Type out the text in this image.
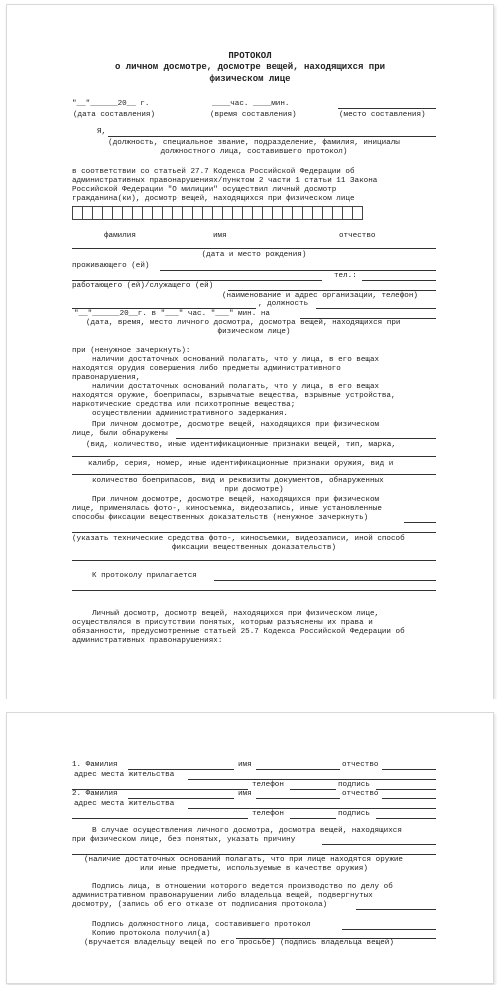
ПРОТОКОЛ
о личном досмотре, досмотре вещей, находящихся при
физическом лице
"__"______20__ г.	____час. ____мин.
(дата составления)	(время составления)	(место составления)
Я,
(должность, специальное звание, подразделение, фамилия, инициалы
должностного лица, составившего протокол)
в соответствии со статьей 27.7 Кодекса Российской Федерации об
административных правонарушениях/пунктом 2 части 1 статьи 11 Закона
Российской Федерации "О милиции" осуществил личный досмотр
гражданина(ки), досмотр вещей, находящихся при физическом лице
фамилия	имя	отчество
(дата и место рождения)
проживающего (ей)
тел.:
работающего (ей)/служащего (ей)
(наименование и адрес организации, телефон)
, должность
"__"______20__г. в "___" час. "___" мин. на
(дата, время, место личного досмотра, досмотра вещей, находящихся при
физическом лице)
при (ненужное зачеркнуть):
наличии достаточных оснований полагать, что у лица, в его вещах
находятся орудия совершения либо предметы административного
правонарушения,
наличии достаточных оснований полагать, что у лица, в его вещах
находятся оружие, боеприпасы, взрывчатые вещества, взрывные устройства,
наркотические средства или психотропные вещества;
осуществлении административного задержания.
При личном досмотре, досмотре вещей, находящихся при физическом
лице, были обнаружены
(вид, количество, иные идентификационные признаки вещей, тип, марка,
калибр, серия, номер, иные идентификационные признаки оружия, вид и
количество боеприпасов, вид и реквизиты документов, обнаруженных
при досмотре)
При личном досмотре, досмотре вещей, находящихся при физическом
лице, применялась фото-, киносъемка, видеозапись, иные установленные
способы фиксации вещественных доказательств (ненужное зачеркнуть)
(указать технические средства фото-, киносъемки, видеозаписи, иной способ
фиксации вещественных доказательств)
К протоколу прилагается
Личный досмотр, досмотр вещей, находящихся при физическом лице,
осуществлялся в присутствии понятых, которым разъяснены их права и
обязанности, предусмотренные статьей 25.7 Кодекса Российской Федерации об
административных правонарушениях:
1. Фамилия	имя	отчество
адрес места жительства
телефон	подпись
2. Фамилия	имя	отчество
адрес места жительства
телефон	подпись
В случае осуществления личного досмотра, досмотра вещей, находящихся
при физическом лице, без понятых, указать причину
(наличие достаточных оснований полагать, что при лице находятся оружие
или иные предметы, используемые в качестве оружия)
Подпись лица, в отношении которого ведется производство по делу об
административном правонарушении либо владельца вещей, подвергнутых
досмотру, (запись об его отказе от подписания протокола)
Подпись должностного лица, составившего протокол
Копию протокола получил(а)
(вручается владельцу вещей по его просьбе) (подпись владельца вещей)
